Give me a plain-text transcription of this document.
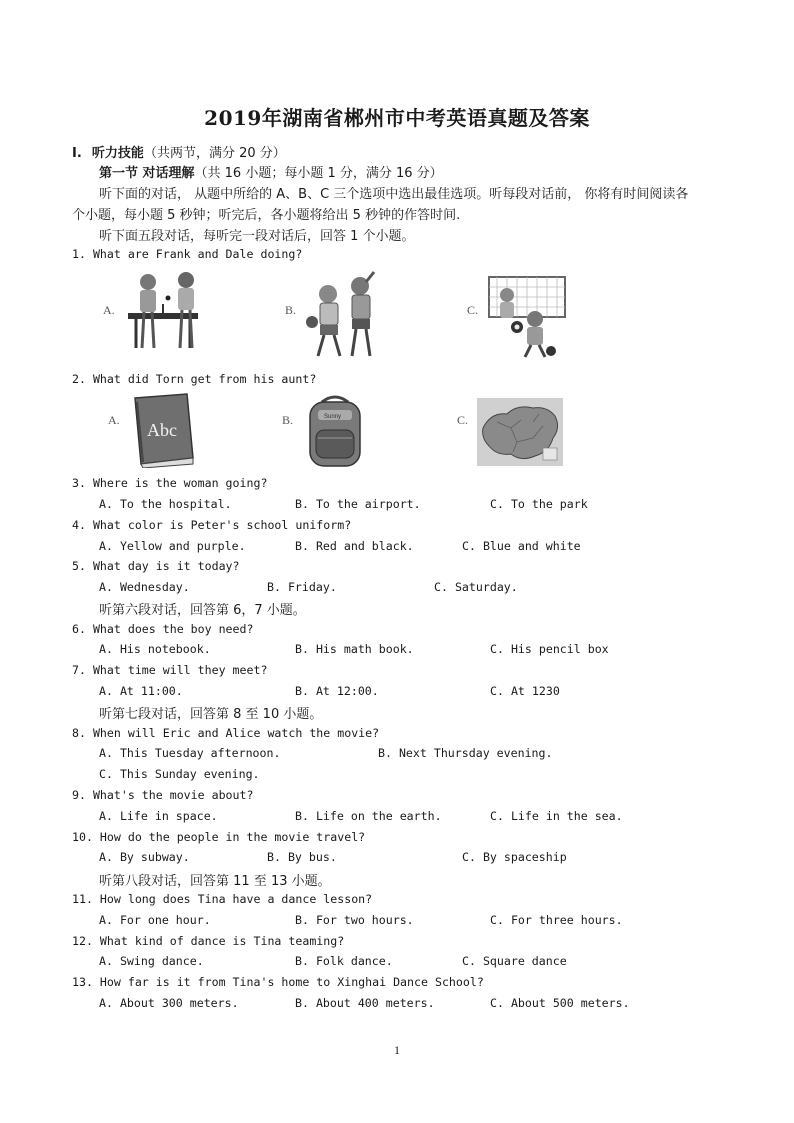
2019年湖南省郴州市中考英语真题及答案
I. 听力技能（共两节，满分 20 分）
第一节 对话理解（共 16 小题；每小题 1 分，满分 16 分）
听下面的对话， 从题中所给的 A、B、C 三个选项中选出最佳选项。听每段对话前， 你将有时间阅读各
个小题，每小题 5 秒钟；听完后，各小题将给出 5 秒钟的作答时间.
听下面五段对话，每听完一段对话后，回答 1 个小题。
1. What are Frank and Dale doing?
A.	B.	C.
2. What did Torn get from his aunt?
A.	B.	C.
Abc
Sunny
3. Where is the woman going?
A. To the hospital.	B. To the airport.	C. To the park
4. What color is Peter's school uniform?
A. Yellow and purple.	B. Red and black.	C. Blue and white
5. What day is it today?
A. Wednesday.	B. Friday.	C. Saturday.
听第六段对话，回答第 6，7 小题。
6. What does the boy need?
A. His notebook.	B. His math book.	C. His pencil box
7. What time will they meet?
A. At 11:00.	B. At 12:00.	C. At 1230
听第七段对话，回答第 8 至 10 小题。
8. When will Eric and Alice watch the movie?
A. This Tuesday afternoon.	B. Next Thursday evening.
C. This Sunday evening.
9. What's the movie about?
A. Life in space.	B. Life on the earth.	C. Life in the sea.
10. How do the people in the movie travel?
A. By subway.	B. By bus.	C. By spaceship
听第八段对话，回答第 11 至 13 小题。
11. How long does Tina have a dance lesson?
A. For one hour.	B. For two hours.	C. For three hours.
12. What kind of dance is Tina teaming?
A. Swing dance.	B. Folk dance.	C. Square dance
13. How far is it from Tina's home to Xinghai Dance School?
A. About 300 meters.	B. About 400 meters.	C. About 500 meters.
1
